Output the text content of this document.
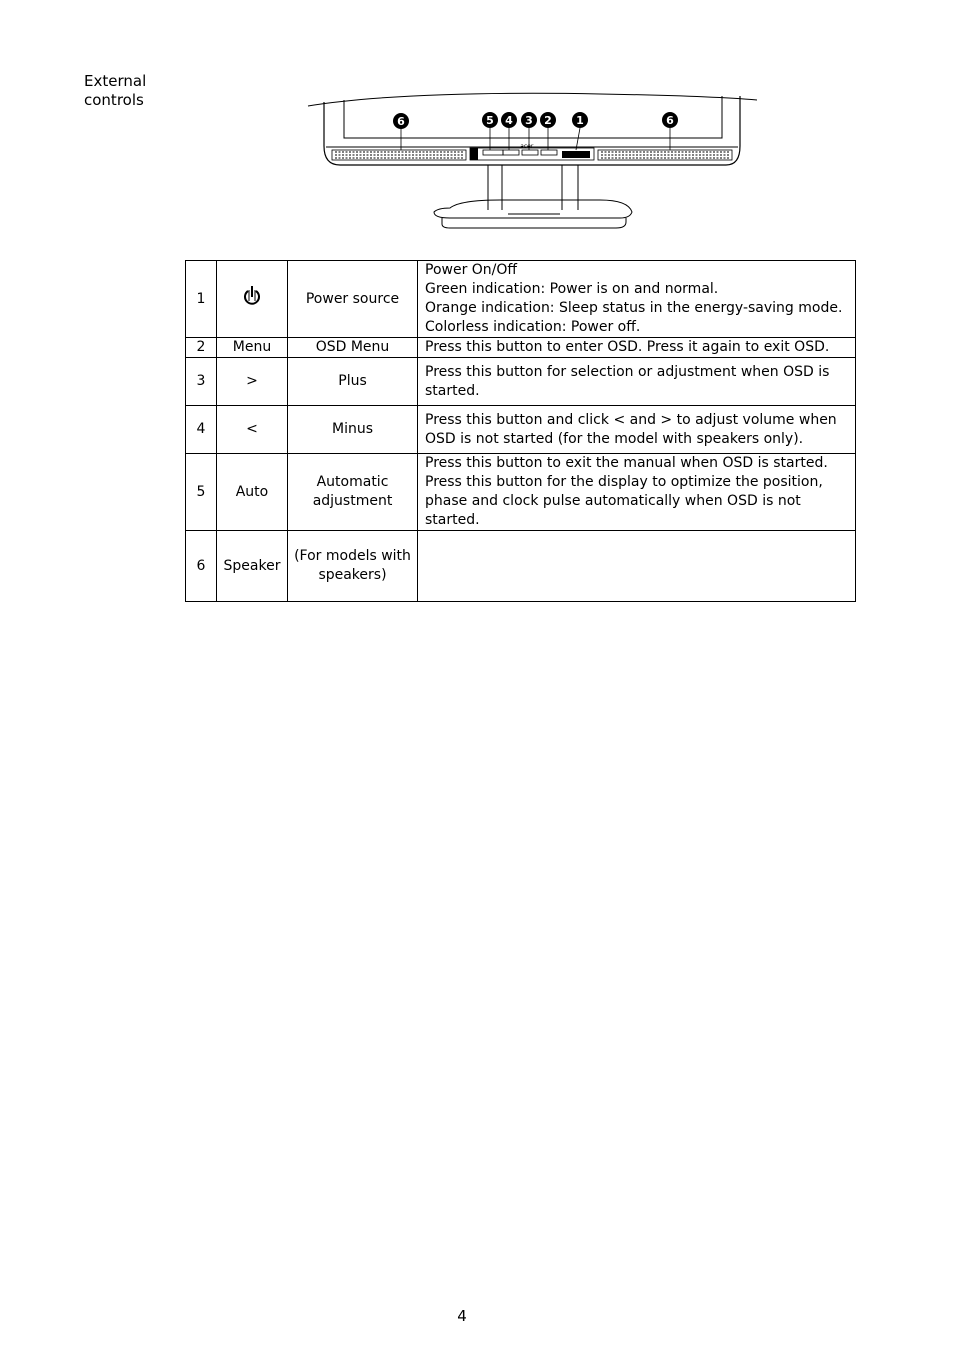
External
controls
acer
6	5 4 3 2 1	6
1		Power source	Power On/Off
Green indication: Power is on and normal.
Orange indication: Sleep status in the energy-saving mode.
Colorless indication: Power off.

2	Menu	OSD Menu	Press this button to enter OSD. Press it again to exit OSD.

3	>	Plus	Press this button for selection or adjustment when OSD is started.

4	<	Minus	Press this button and click < and > to adjust volume when OSD is not started (for the model with speakers only).

5	Auto	Automatic adjustment	Press this button to exit the manual when OSD is started.
Press this button for the display to optimize the position, phase and clock pulse automatically when OSD is not started.

6	Speaker	(For models with speakers)	
4
